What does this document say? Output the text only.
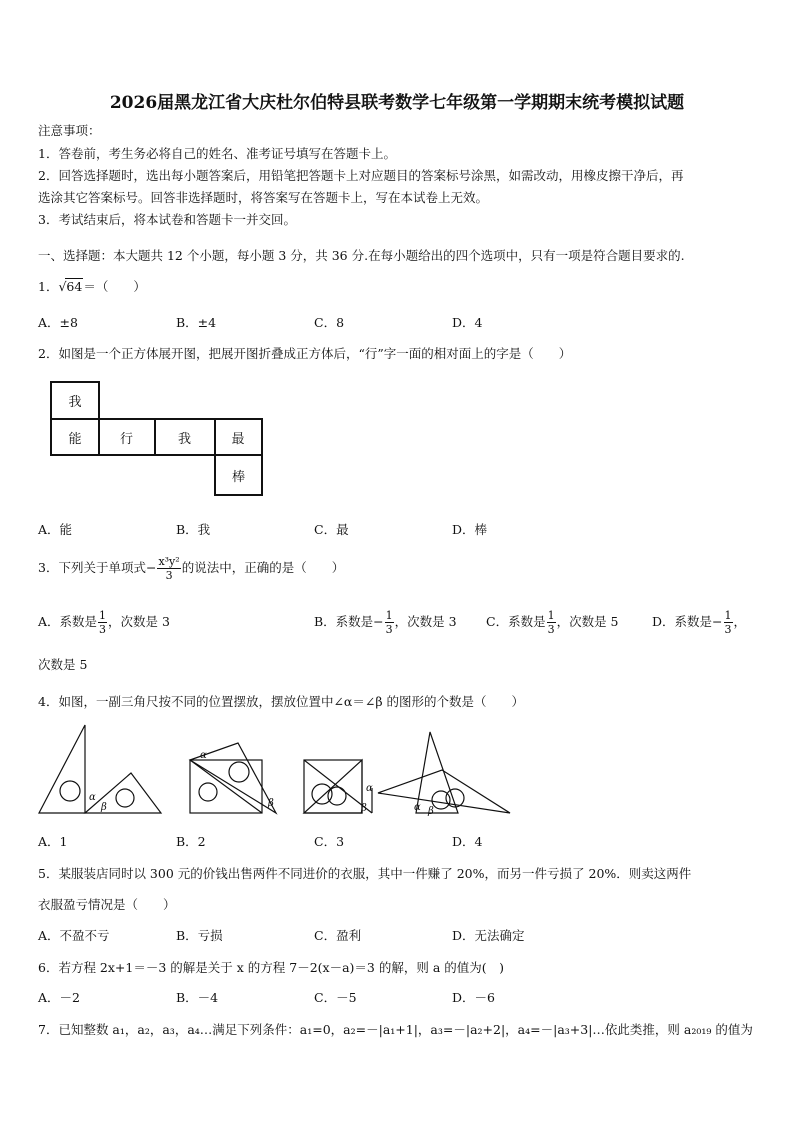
2026届黑龙江省大庆杜尔伯特县联考数学七年级第一学期期末统考模拟试题
注意事项：
1．答卷前，考生务必将自己的姓名、准考证号填写在答题卡上。
2．回答选择题时，选出每小题答案后，用铅笔把答题卡上对应题目的答案标号涂黑，如需改动，用橡皮擦干净后，再
选涂其它答案标号。回答非选择题时，将答案写在答题卡上，写在本试卷上无效。
3．考试结束后，将本试卷和答题卡一并交回。
一、选择题：本大题共 12 个小题，每小题 3 分，共 36 分.在每小题给出的四个选项中，只有一项是符合题目要求的.
1．√64＝（　　）
A．±8	B．±4	C．8	D．4
2．如图是一个正方体展开图，把展开图折叠成正方体后，“行”字一面的相对面上的字是（　　）
我
能	行	我	最
棒
A．能	B．我	C．最	D．棒
3．下列关于单项式− $\frac{\text{x³y²}}{3}$ 的说法中，正确的是（　　）
A．系数是 $\frac{1}{3}$ ，次数是 3	B．系数是− $\frac{1}{3}$ ，次数是 3 C．系数是 $\frac{1}{3}$ ，次数是 5	D．系数是− $\frac{1}{3}$ ，
次数是 5
4．如图，一副三角尺按不同的位置摆放，摆放位置中∠α＝∠β 的图形的个数是（　　）
α
β
α
β
α
β	α β
A．1	B．2	C．3	D．4
5．某服装店同时以 300 元的价钱出售两件不同进价的衣服，其中一件赚了 20%，而另一件亏损了 20%．则卖这两件
衣服盈亏情况是（　　）
A．不盈不亏	B．亏损	C．盈利	D．无法确定
6．若方程 2x+1＝－3 的解是关于 x 的方程 7－2(x－a)＝3 的解，则 a 的值为(　)
A．－2	B．－4	C．－5	D．－6
7．已知整数 a₁，a₂，a₃，a₄…满足下列条件：a₁=0，a₂=－|a₁+1|，a₃=－|a₂+2|，a₄=－|a₃+3|…依此类推，则 a₂₀₁₉ 的值为
